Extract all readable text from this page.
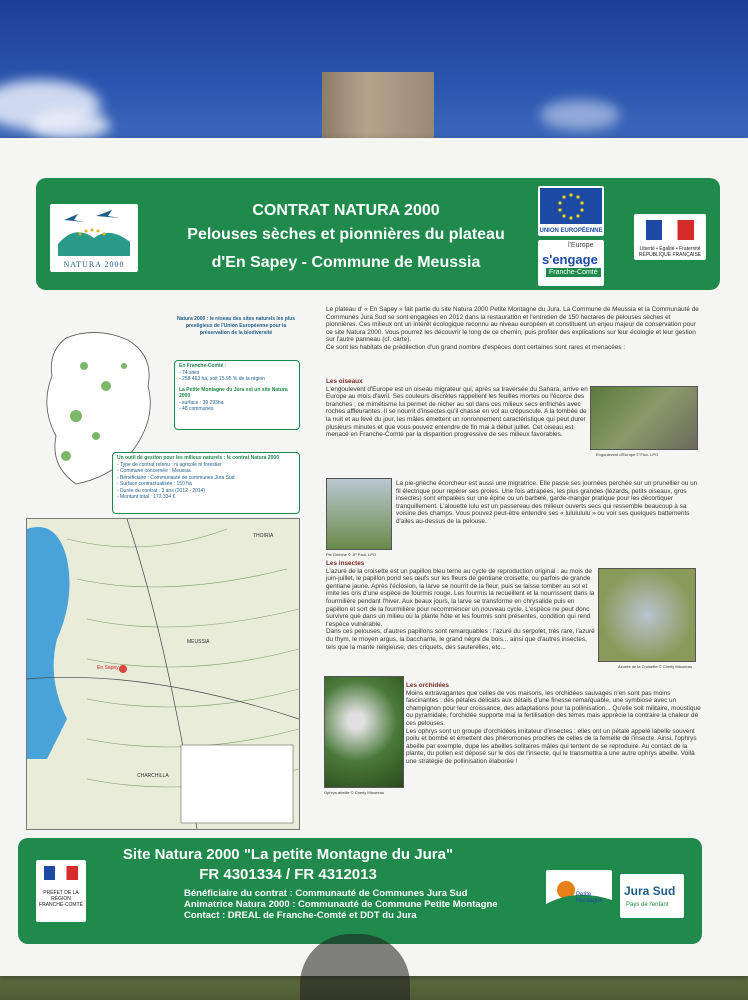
NATURA 2000
CONTRAT NATURA 2000
Pelouses sèches et pionnières du plateau
d'En Sapey - Commune de Meussia
UNION EUROPÉENNE
l'Europe
s'engage
Franche-Comté
Liberté • Égalité • Fraternité RÉPUBLIQUE FRANÇAISE
Natura 2000 : le réseau des sites naturels les plus prestigieux de l'Union Européenne pour la préservation de la biodiversité
En Franche-Comté :
- 74 sites
- 258 463 ha, soit 15.95 % de la région
La Petite Montagne du Jura est un site Natura 2000
- surface : 39 293ha
- 48 communes
Un outil de gestion pour les milieux naturels : le contrat Natura 2000
- Type de contrat retenu : ni agricole ni forestier
- Commune concernée : Meussia
- Bénéficiaire : Communauté de communes Jura Sud
- Surface contractualisée : 150 ha
- Durée du contrat : 3 ans (2012 - 2014)
- Montant total : 172 334 €
THOIRIA
MEUSSIA
En Sapey
CHARCHILLA
Le plateau d' « En Sapey » fait partie du site Natura 2000 Petite Montagne du Jura. La Commune de Meussia et la Communauté de Communes Jura Sud se sont engagées en 2012 dans la restauration et l'entretien de 150 hectares de pelouses sèches et pionnières. Ces milieux ont un intérêt écologique reconnu au niveau européen et constituent un enjeu majeur de conservation pour ce site Natura 2000. Vous pourrez les découvrir le long de ce chemin, puis profiter des explications sur leur écologie et leur gestion sur l'autre panneau (cf. carte).
Ce sont les habitats de prédilection d'un grand nombre d'espèces dont certaines sont rares et menacées :
Les oiseaux
L'engoulevent d'Europe est un oiseau migrateur qui, après sa traversée du Sahara, arrive en Europe au mois d'avril. Ses couleurs discrètes rappellent les feuilles mortes ou l'écorce des branches ; ce mimétisme lui permet de nicher au sol dans ces milieux secs enfrichés avec roches affleurantes. Il se nourrit d'insectes qu'il chasse en vol au crépuscule. A la tombée de la nuit et au levé du jour, les mâles émettent un ronronnement caractéristique qui peut durer plusieurs minutes et que vous pouvez entendre de fin mai à début juillet. Cet oiseau est menacé en Franche-Comté par la disparition progressive de ses milieux favorables.
Engoulevent d'Europe © Floc. LPO
Pie Grièche © JP Paul, LPO
La pie-grièche écorcheur est aussi une migratrice. Elle passe ses journées perchée sur un prunellier ou un fil électrique pour repérer ses proies. Une fois attrapées, les plus grandes (lézards, petits oiseaux, gros insectes) sont empalées sur une épine ou un barbelé, garde-manger pratique pour les décortiquer tranquillement. L'alouette lulu est un passereau des milieux ouverts secs qui ressemble beaucoup à sa voisine des champs. Vous pouvez peut-être entendre ses « lululululu » ou voir ses quelques battements d'ailes au-dessus de la pelouse.
Les insectes
L'azuré de la croisette est un papillon bleu terne au cycle de reproduction original : au mois de juin-juillet, le papillon pond ses œufs sur les fleurs de gentiane croisette, ou parfois de grande gentiane jaune. Après l'éclosion, la larve se nourrit de la fleur, puis se laisse tomber au sol et imite les cris d'une espèce de fourmis rouge. Les fourmis la recueillent et la nourrissent dans la fourmilière pendant l'hiver. Aux beaux jours, la larve se transforme en chrysalide puis en papillon et sort de la fourmilière pour recommencer un nouveau cycle. L'espèce ne peut donc survivre que dans un milieu où la plante hôte et les fourmis sont présentes, condition qui rend l'espèce vulnérable.
Dans ces pelouses, d'autres papillons sont remarquables : l'azuré du serpolet, très rare, l'azuré du thym, le moyen argus, la bacchante, le grand nègre de bois... ainsi que d'autres insectes, tels que la mante religieuse, des criquets, des sauterelles, etc...
Azurée de la Croisette © Cherly Mioureau
Ophrys abeille © Cherly Mioureau
Les orchidées
Moins extravagantes que celles de vos maisons, les orchidées sauvages n'en sont pas moins fascinantes : des pétales délicats aux détails d'une finesse remarquable, une symbiose avec un champignon pour leur croissance, des adaptations pour la pollinisation... Qu'elle soit militaire, moustique ou pyramidale, l'orchidée supporte mal la fertilisation des terres mais apprécie la contraire la chaleur de ces pelouses.
Les ophrys sont un groupe d'orchidées imitateur d'insectes : elles ont un pétale appelé labelle souvent poilu et bombé et émettent des phéromones proches de celles de la femelle de l'insecte. Ainsi, l'ophrys abeille par exemple, dupe les abeilles solitaires mâles qui tentent de se reproduire. Au contact de la plante, du pollen est déposé sur le dos de l'insecte, qui le transmettra à une autre ophrys abeille. Voilà une stratégie de pollinisation élaborée !
PRÉFET DE LA RÉGION FRANCHE-COMTÉ
Site Natura 2000 "La petite Montagne du Jura"
FR 4301334 / FR 4312013
Bénéficiaire du contrat : Communauté de Communes Jura Sud
Animatrice Natura 2000 : Communauté de Commune Petite Montagne
Contact : DREAL de Franche-Comté et DDT du Jura
Petite Montagne
Jura Sud
Pays de l'enfant
